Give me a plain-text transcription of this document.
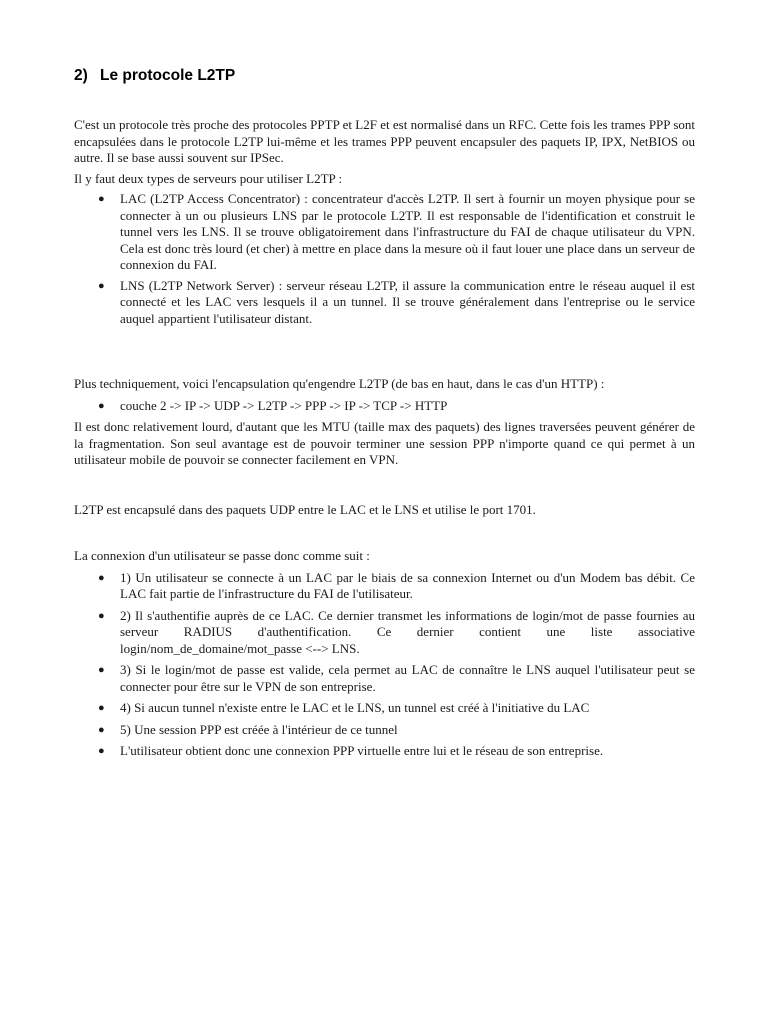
2) Le protocole L2TP

C'est un protocole très proche des protocoles PPTP et L2F et est normalisé dans un RFC. Cette fois les trames PPP sont encapsulées dans le protocole L2TP lui-même et les trames PPP peuvent encapsuler des paquets IP, IPX, NetBIOS ou autre. Il se base aussi souvent sur IPSec.

Il y faut deux types de serveurs pour utiliser L2TP :

● LAC (L2TP Access Concentrator) : concentrateur d'accès L2TP. Il sert à fournir un moyen physique pour se connecter à un ou plusieurs LNS par le protocole L2TP. Il est responsable de l'identification et construit le tunnel vers les LNS. Il se trouve obligatoirement dans l'infrastructure du FAI de chaque utilisateur du VPN. Cela est donc très lourd (et cher) à mettre en place dans la mesure où il faut louer une place dans un serveur de connexion du FAI.
● LNS (L2TP Network Server) : serveur réseau L2TP, il assure la communication entre le réseau auquel il est connecté et les LAC vers lesquels il a un tunnel. Il se trouve généralement dans l'entreprise ou le service auquel appartient l'utilisateur distant.

Plus techniquement, voici l'encapsulation qu'engendre L2TP (de bas en haut, dans le cas d'un HTTP) :

● couche 2 -> IP -> UDP -> L2TP -> PPP -> IP -> TCP -> HTTP

Il est donc relativement lourd, d'autant que les MTU (taille max des paquets) des lignes traversées peuvent générer de la fragmentation. Son seul avantage est de pouvoir terminer une session PPP n'importe quand ce qui permet à un utilisateur mobile de pouvoir se connecter facilement en VPN.

L2TP est encapsulé dans des paquets UDP entre le LAC et le LNS et utilise le port 1701.

La connexion d'un utilisateur se passe donc comme suit :

● 1) Un utilisateur se connecte à un LAC par le biais de sa connexion Internet ou d'un Modem bas débit. Ce LAC fait partie de l'infrastructure du FAI de l'utilisateur.
● 2) Il s'authentifie auprès de ce LAC. Ce dernier transmet les informations de login/mot de passe fournies au serveur RADIUS d'authentification. Ce dernier contient une liste associative login/nom_de_domaine/mot_passe <--> LNS.
● 3) Si le login/mot de passe est valide, cela permet au LAC de connaître le LNS auquel l'utilisateur peut se connecter pour être sur le VPN de son entreprise.
● 4) Si aucun tunnel n'existe entre le LAC et le LNS, un tunnel est créé à l'initiative du LAC
● 5) Une session PPP est créée à l'intérieur de ce tunnel
● L'utilisateur obtient donc une connexion PPP virtuelle entre lui et le réseau de son entreprise.
